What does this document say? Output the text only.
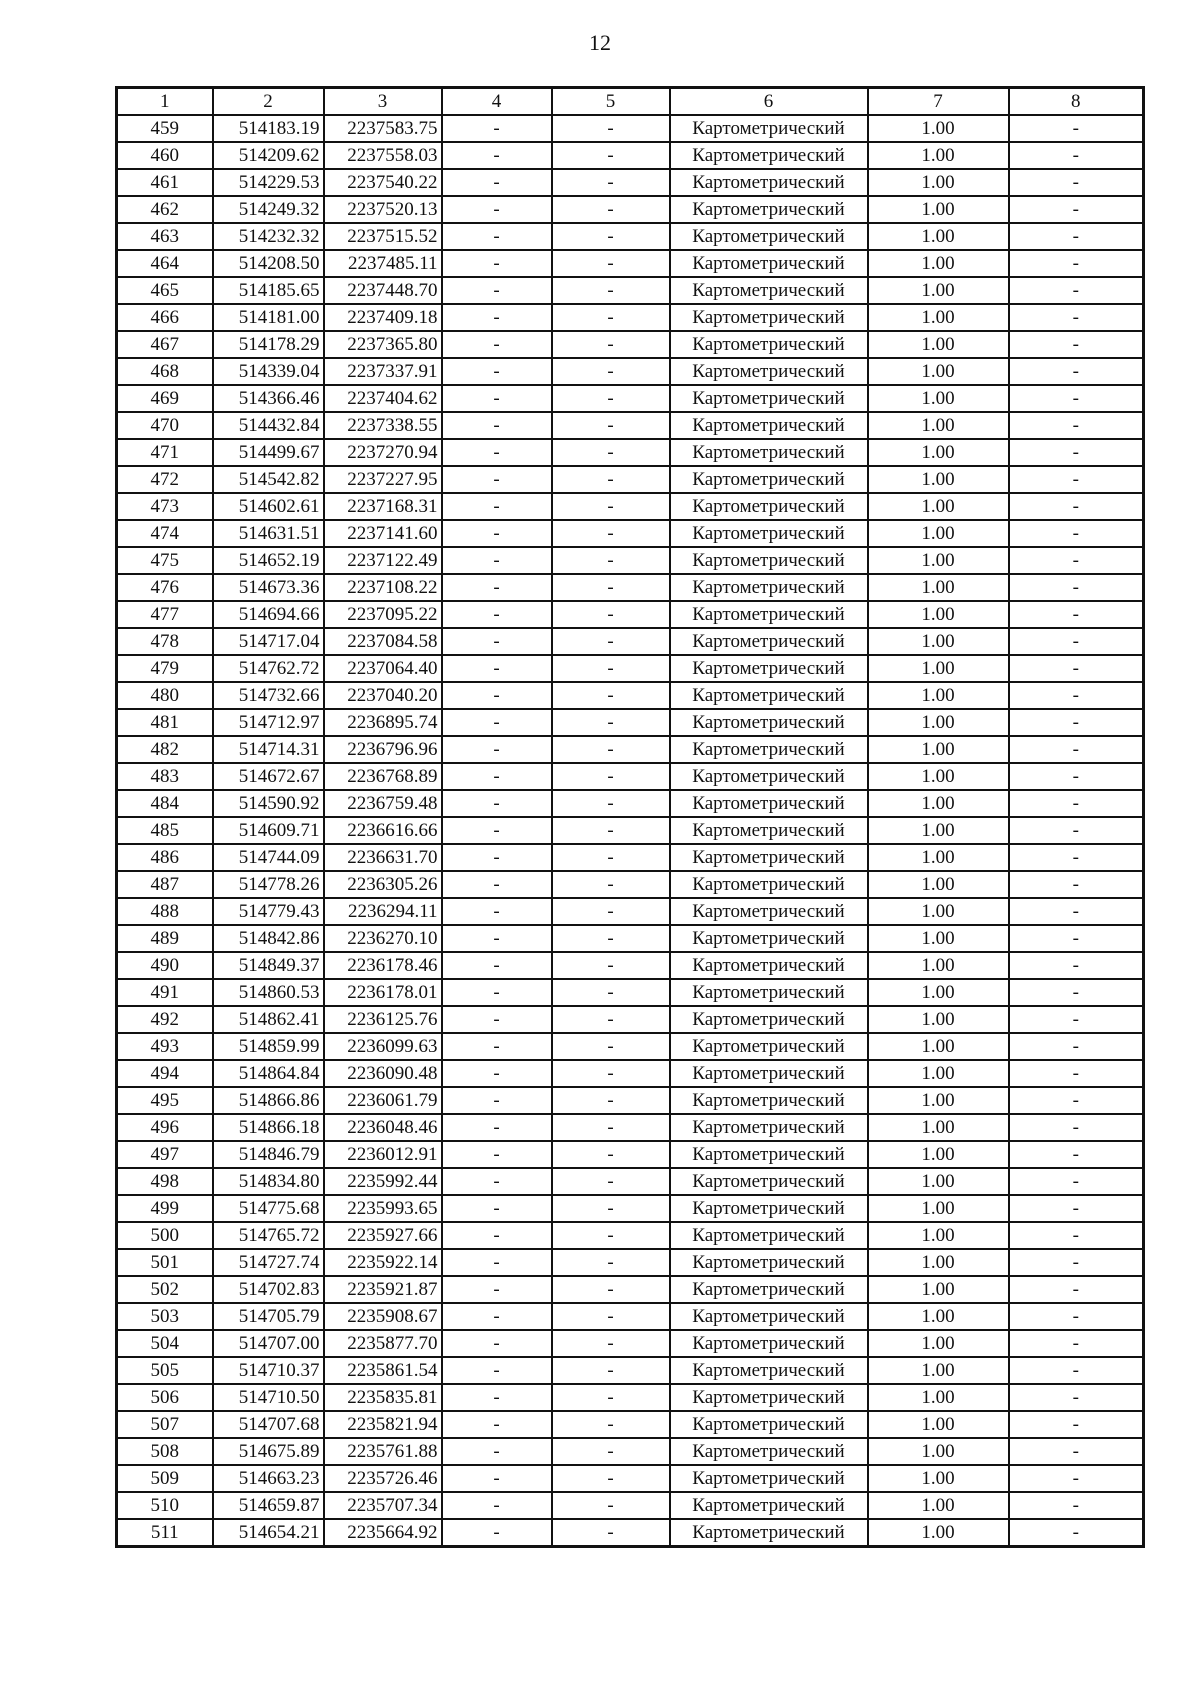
12
1	2	3	4	5	6	7	8
459	514183.19	2237583.75	-	-	Картометрический	1.00	-
460	514209.62	2237558.03	-	-	Картометрический	1.00	-
461	514229.53	2237540.22	-	-	Картометрический	1.00	-
462	514249.32	2237520.13	-	-	Картометрический	1.00	-
463	514232.32	2237515.52	-	-	Картометрический	1.00	-
464	514208.50	2237485.11	-	-	Картометрический	1.00	-
465	514185.65	2237448.70	-	-	Картометрический	1.00	-
466	514181.00	2237409.18	-	-	Картометрический	1.00	-
467	514178.29	2237365.80	-	-	Картометрический	1.00	-
468	514339.04	2237337.91	-	-	Картометрический	1.00	-
469	514366.46	2237404.62	-	-	Картометрический	1.00	-
470	514432.84	2237338.55	-	-	Картометрический	1.00	-
471	514499.67	2237270.94	-	-	Картометрический	1.00	-
472	514542.82	2237227.95	-	-	Картометрический	1.00	-
473	514602.61	2237168.31	-	-	Картометрический	1.00	-
474	514631.51	2237141.60	-	-	Картометрический	1.00	-
475	514652.19	2237122.49	-	-	Картометрический	1.00	-
476	514673.36	2237108.22	-	-	Картометрический	1.00	-
477	514694.66	2237095.22	-	-	Картометрический	1.00	-
478	514717.04	2237084.58	-	-	Картометрический	1.00	-
479	514762.72	2237064.40	-	-	Картометрический	1.00	-
480	514732.66	2237040.20	-	-	Картометрический	1.00	-
481	514712.97	2236895.74	-	-	Картометрический	1.00	-
482	514714.31	2236796.96	-	-	Картометрический	1.00	-
483	514672.67	2236768.89	-	-	Картометрический	1.00	-
484	514590.92	2236759.48	-	-	Картометрический	1.00	-
485	514609.71	2236616.66	-	-	Картометрический	1.00	-
486	514744.09	2236631.70	-	-	Картометрический	1.00	-
487	514778.26	2236305.26	-	-	Картометрический	1.00	-
488	514779.43	2236294.11	-	-	Картометрический	1.00	-
489	514842.86	2236270.10	-	-	Картометрический	1.00	-
490	514849.37	2236178.46	-	-	Картометрический	1.00	-
491	514860.53	2236178.01	-	-	Картометрический	1.00	-
492	514862.41	2236125.76	-	-	Картометрический	1.00	-
493	514859.99	2236099.63	-	-	Картометрический	1.00	-
494	514864.84	2236090.48	-	-	Картометрический	1.00	-
495	514866.86	2236061.79	-	-	Картометрический	1.00	-
496	514866.18	2236048.46	-	-	Картометрический	1.00	-
497	514846.79	2236012.91	-	-	Картометрический	1.00	-
498	514834.80	2235992.44	-	-	Картометрический	1.00	-
499	514775.68	2235993.65	-	-	Картометрический	1.00	-
500	514765.72	2235927.66	-	-	Картометрический	1.00	-
501	514727.74	2235922.14	-	-	Картометрический	1.00	-
502	514702.83	2235921.87	-	-	Картометрический	1.00	-
503	514705.79	2235908.67	-	-	Картометрический	1.00	-
504	514707.00	2235877.70	-	-	Картометрический	1.00	-
505	514710.37	2235861.54	-	-	Картометрический	1.00	-
506	514710.50	2235835.81	-	-	Картометрический	1.00	-
507	514707.68	2235821.94	-	-	Картометрический	1.00	-
508	514675.89	2235761.88	-	-	Картометрический	1.00	-
509	514663.23	2235726.46	-	-	Картометрический	1.00	-
510	514659.87	2235707.34	-	-	Картометрический	1.00	-
511	514654.21	2235664.92	-	-	Картометрический	1.00	-
